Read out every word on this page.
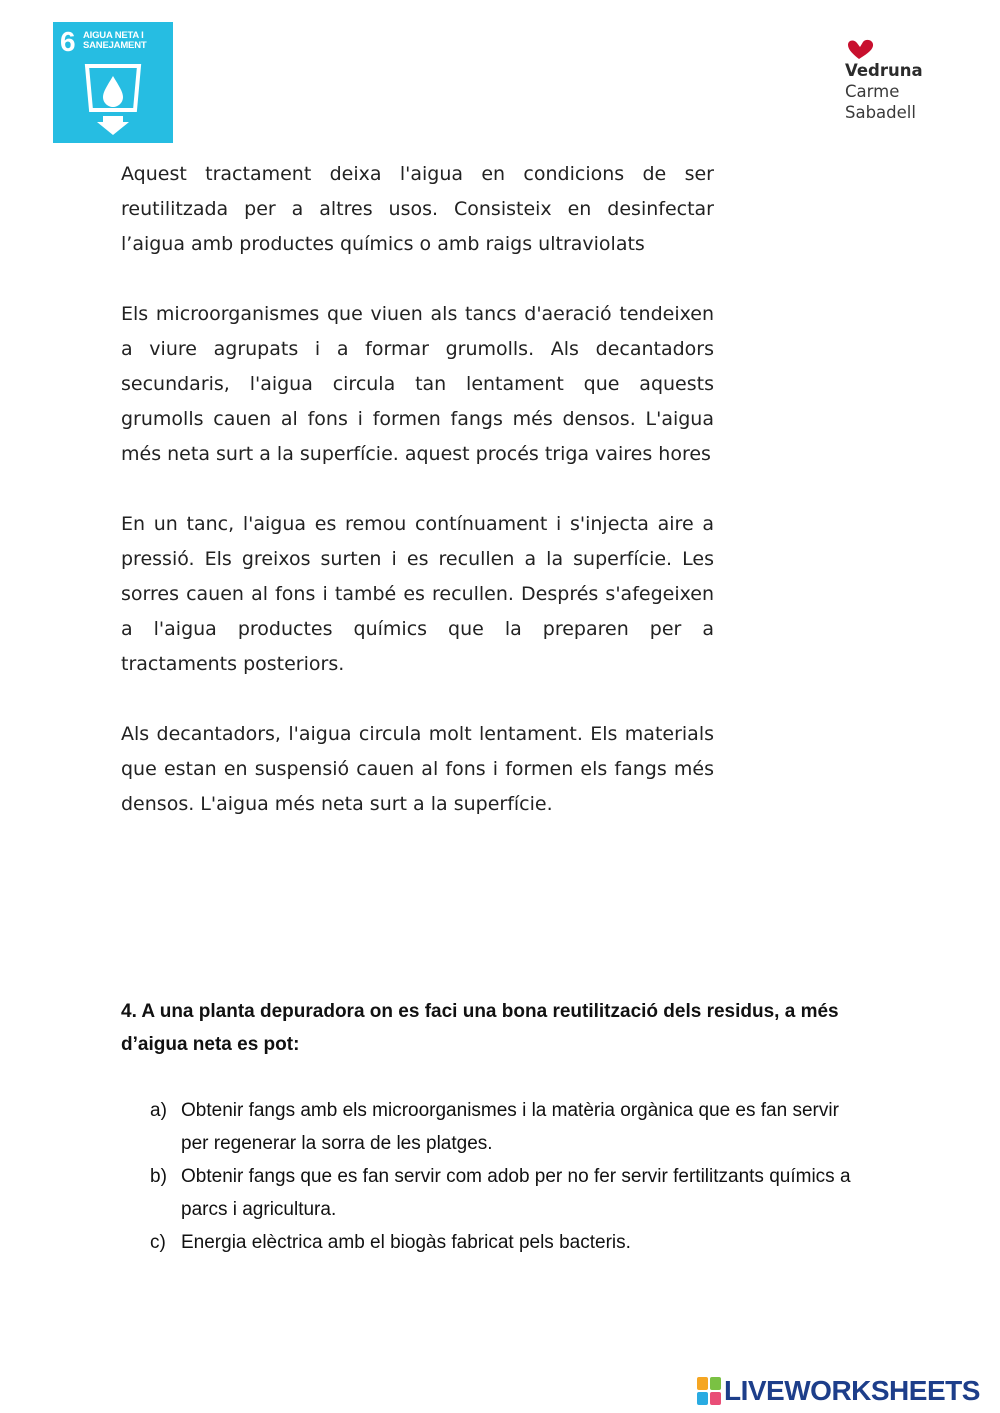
6 AIGUA NETA I SANEJAMENT
Vedruna
Carme
Sabadell

Aquest tractament deixa l'aigua en condicions de ser reutilitzada per a altres usos. Consisteix en desinfectar l’aigua amb productes químics o amb raigs ultraviolats

Els microorganismes que viuen als tancs d'aeració tendeixen a viure agrupats i a formar grumolls. Als decantadors secundaris, l'aigua circula tan lentament que aquests grumolls cauen al fons i formen fangs més densos. L'aigua més neta surt a la superfície. aquest procés triga vaires hores

En un tanc, l'aigua es remou contínuament i s'injecta aire a pressió. Els greixos surten i es recullen a la superfície. Les sorres cauen al fons i també es recullen. Després s'afegeixen a l'aigua productes químics que la preparen per a tractaments posteriors.

Als decantadors, l'aigua circula molt lentament. Els materials que estan en suspensió cauen al fons i formen els fangs més densos. L'aigua més neta surt a la superfície.

4. A una planta depuradora on es faci una bona reutilització dels residus, a més d’aigua neta es pot:
a) Obtenir fangs amb els microorganismes i la matèria orgànica que es fan servir per regenerar la sorra de les platges.
b) Obtenir fangs que es fan servir com adob per no fer servir fertilitzants químics a parcs i agricultura.
c) Energia elèctrica amb el biogàs fabricat pels bacteris.
LIVEWORKSHEETS
